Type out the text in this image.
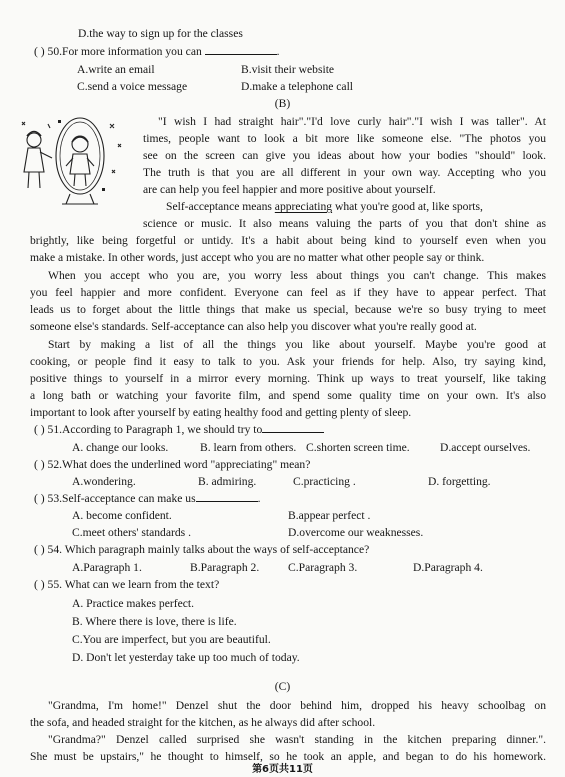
D.the way to sign up for the classes
( ) 50.For more information you can	.
A.write an email	B.visit their website
C.send a voice message	D.make a telephone call
(B)
"I wish I had straight hair"."I'd love curly hair"."I wish I was taller". At
times, people want to look a bit more like someone else. "The photos you
see on the screen can give you ideas about how your bodies "should" look.
The truth is that you are all different in your own way. Accepting who you
are can help you feel happier and more positive about yourself.
Self-acceptance means appreciating what you're good at, like sports,
science or music. It also means valuing the parts of you that don't shine as
brightly, like being forgetful or untidy. It's a habit about being kind to yourself even when you
make a mistake. In other words, just accept who you are no matter what other people say or think.
When you accept who you are, you worry less about things you can't change. This makes
you feel happier and more confident. Everyone can feel as if they have to appear perfect. That
leads us to forget about the little things that make us special, because we're so busy trying to meet
someone else's standards. Self-acceptance can also help you discover what you're really good at.
Start by making a list of all the things you like about yourself. Maybe you're good at
cooking, or people find it easy to talk to you. Ask your friends for help. Also, try saying kind,
positive things to yourself in a mirror every morning. Think up ways to treat yourself, like taking
a long bath or watching your favorite film, and spend some quality time on your own. It's also
important to look after yourself by eating healthy food and getting plenty of sleep.
( ) 51.According to Paragraph 1, we should try to
A. change our looks.	B. learn from others. C.shorten screen time.	D.accept ourselves.
( ) 52.What does the underlined word "appreciating" mean?
A.wondering.	B. admiring.	C.practicing .	D. forgetting.
( ) 53.Self-acceptance can make us	.
A. become confident.	B.appear perfect .
C.meet others' standards .	D.overcome our weaknesses.
( ) 54. Which paragraph mainly talks about the ways of self-acceptance?
A.Paragraph 1.	B.Paragraph 2. C.Paragraph 3.	D.Paragraph 4.
( ) 55. What can we learn from the text?
A. Practice makes perfect.
B. Where there is love, there is life.
C.You are imperfect, but you are beautiful.
D. Don't let yesterday take up too much of today.
(C)
"Grandma, I'm home!" Denzel shut the door behind him, dropped his heavy schoolbag on
the sofa, and headed straight for the kitchen, as he always did after school.
"Grandma?" Denzel called surprised she wasn't standing in the kitchen preparing dinner.".
She must be upstairs," he thought to himself, so he took an apple, and began to do his homework.
第6页共11页
